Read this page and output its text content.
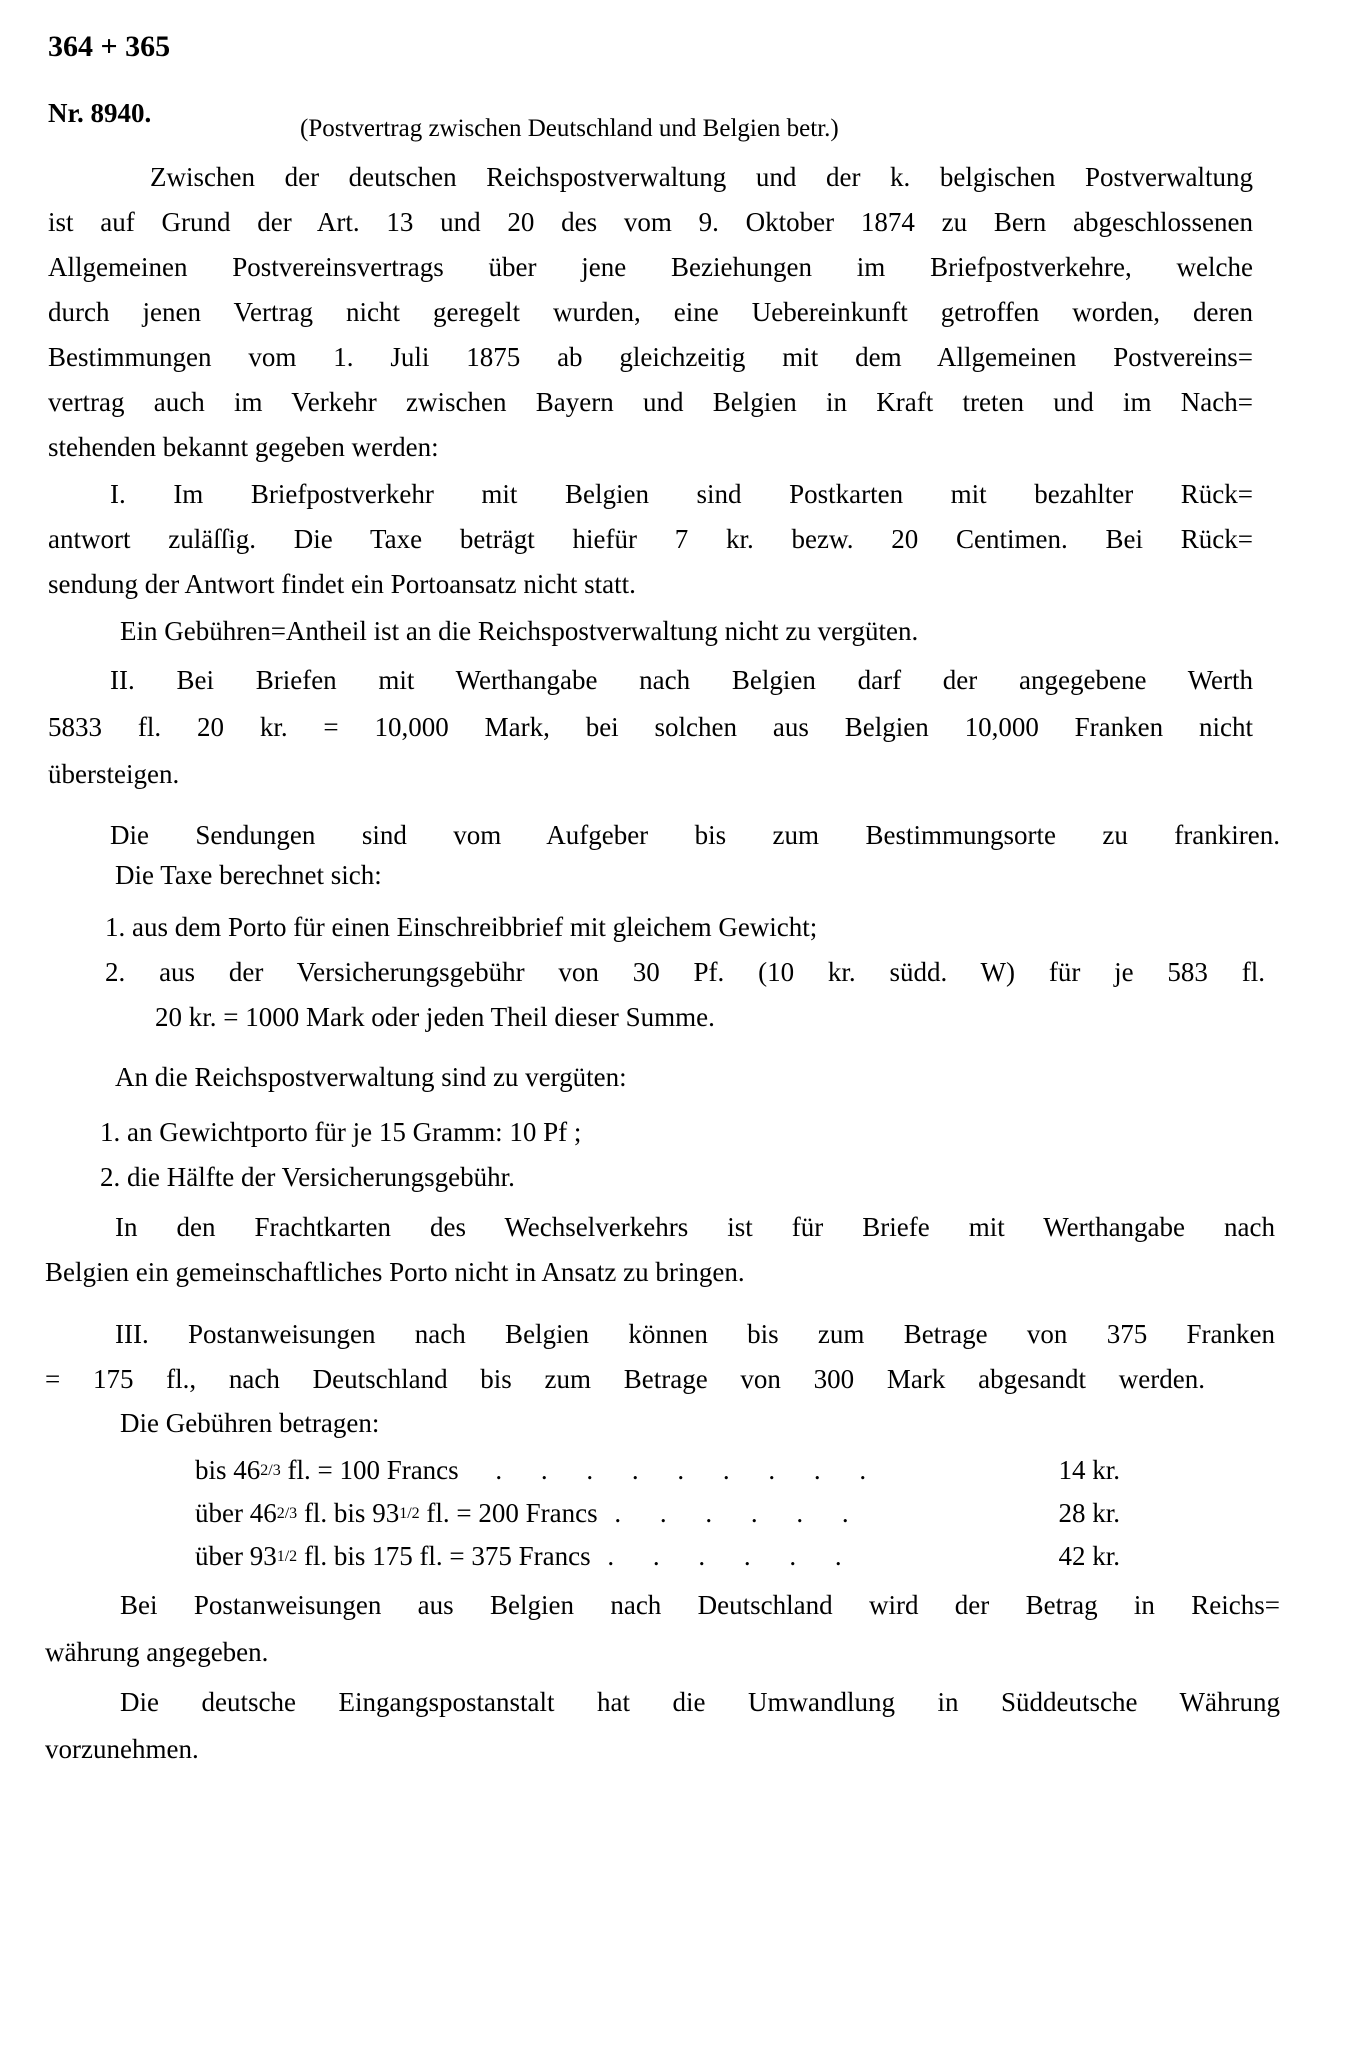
364 + 365
Nr. 8940.
(Postvertrag zwischen Deutschland und Belgien betr.)
Zwischen der deutschen Reichspostverwaltung und der k. belgischen Postverwaltung
ist auf Grund der Art. 13 und 20 des vom 9. Oktober 1874 zu Bern abgeschlossenen
Allgemeinen Postvereinsvertrags über jene Beziehungen im Briefpostverkehre, welche
durch jenen Vertrag nicht geregelt wurden, eine Uebereinkunft getroffen worden, deren
Bestimmungen vom 1. Juli 1875 ab gleichzeitig mit dem Allgemeinen Postvereins=
vertrag auch im Verkehr zwischen Bayern und Belgien in Kraft treten und im Nach=
stehenden bekannt gegeben werden:
I. Im Briefpostverkehr mit Belgien sind Postkarten mit bezahlter Rück=
antwort zuläſſig. Die Taxe beträgt hiefür 7 kr. bezw. 20 Centimen. Bei Rück=
sendung der Antwort findet ein Portoansatz nicht statt.
Ein Gebühren=Antheil ist an die Reichspostverwaltung nicht zu vergüten.
II. Bei Briefen mit Werthangabe nach Belgien darf der angegebene Werth
5833 fl. 20 kr. = 10,000 Mark, bei solchen aus Belgien 10,000 Franken nicht
übersteigen.
Die Sendungen sind vom Aufgeber bis zum Bestimmungsorte zu frankiren.
Die Taxe berechnet sich:
1. aus dem Porto für einen Einschreibbrief mit gleichem Gewicht;
2. aus der Versicherungsgebühr von 30 Pf. (10 kr. südd. W) für je 583 fl.
20 kr. = 1000 Mark oder jeden Theil dieser Summe.
An die Reichspostverwaltung sind zu vergüten:
1. an Gewichtporto für je 15 Gramm: 10 Pf ;
2. die Hälfte der Versicherungsgebühr.
In den Frachtkarten des Wechselverkehrs ist für Briefe mit Werthangabe nach
Belgien ein gemeinschaftliches Porto nicht in Ansatz zu bringen.
III. Postanweisungen nach Belgien können bis zum Betrage von 375 Franken
= 175 fl., nach Deutschland bis zum Betrage von 300 Mark abgesandt werden.
Die Gebühren betragen:
bis 462/3 fl. = 100 Francs . . . . . . . . .	14 kr.
über 462/3 fl. bis 931/2 fl. = 200 Francs . . . . . .	28 kr.
über 931/2 fl. bis 175 fl. = 375 Francs . . . . . .	42 kr.
Bei Postanweisungen aus Belgien nach Deutschland wird der Betrag in Reichs=
währung angegeben.
Die deutsche Eingangspostanstalt hat die Umwandlung in Süddeutsche Währung
vorzunehmen.
